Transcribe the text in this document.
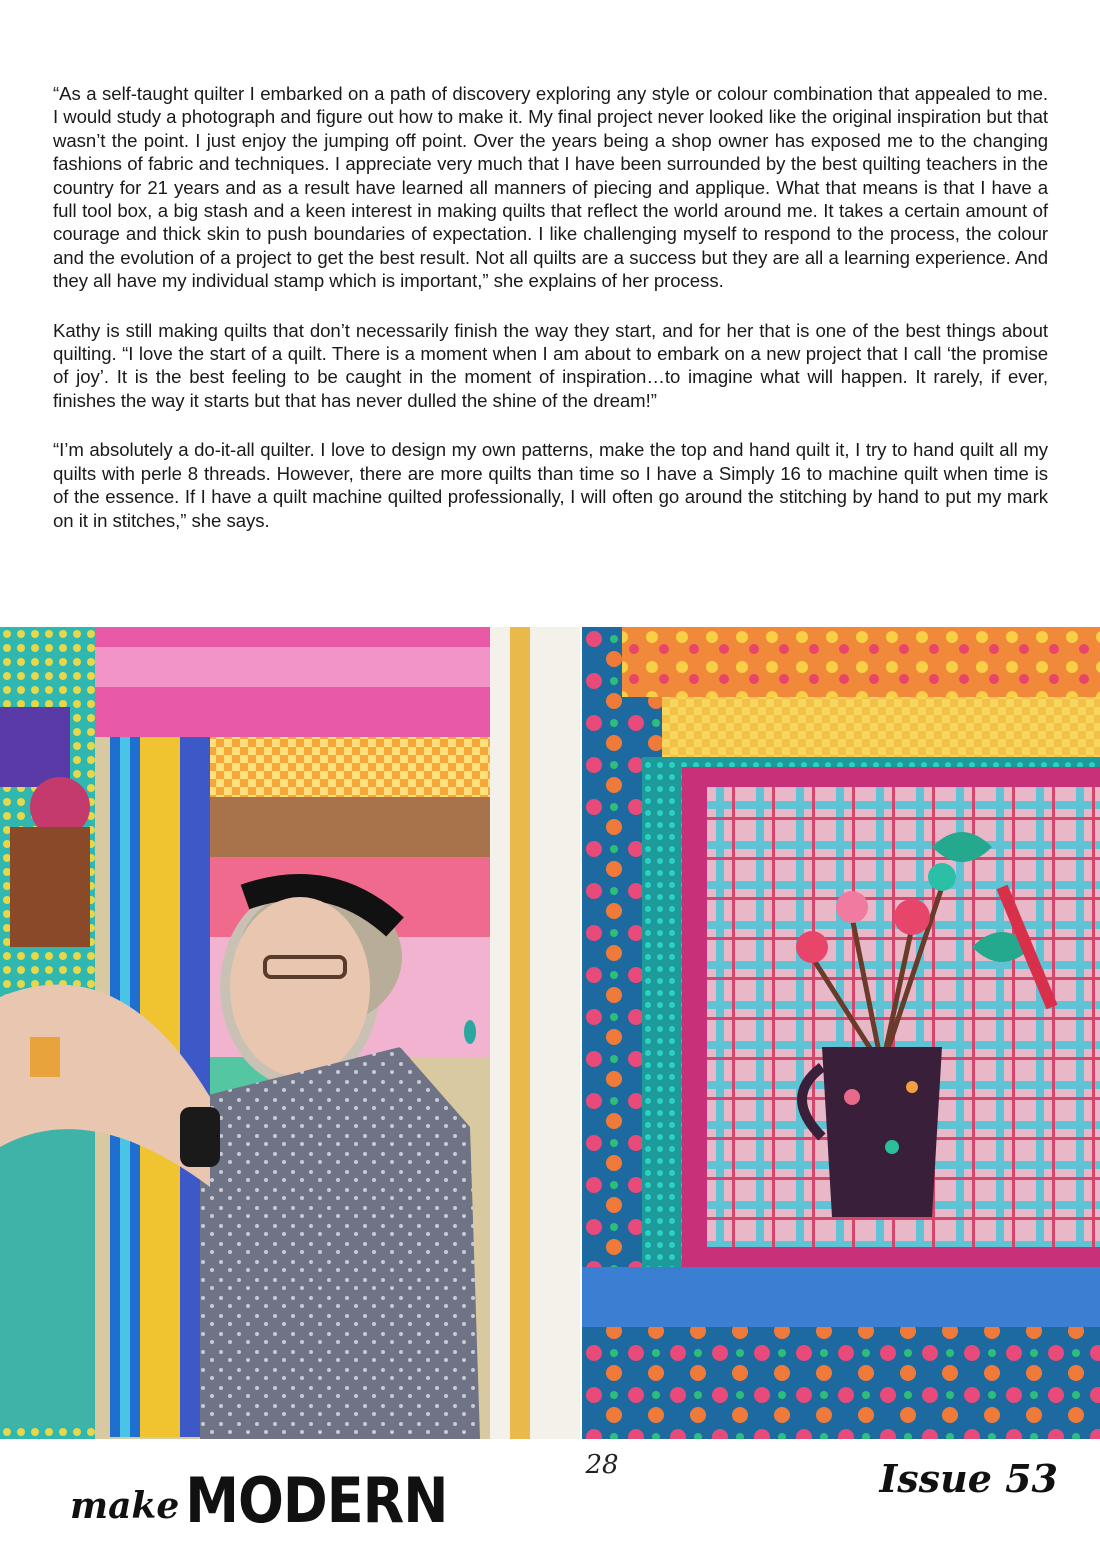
“As a self-taught quilter I embarked on a path of discovery exploring any style or colour combination that appealed to me. I would study a photograph and figure out how to make it. My final project never looked like the original inspiration but that wasn’t the point. I just enjoy the jumping off point. Over the years being a shop owner has exposed me to the changing fashions of fabric and techniques. I appreciate very much that I have been surrounded by the best quilting teachers in the country for 21 years and as a result have learned all manners of piecing and applique. What that means is that I have a full tool box, a big stash and a keen interest in making quilts that reflect the world around me. It takes a certain amount of courage and thick skin to push boundaries of expectation. I like challenging myself to respond to the process, the colour and the evolution of a project to get the best result. Not all quilts are a success but they are all a learning experience. And they all have my individual stamp which is important,” she explains of her process.

Kathy is still making quilts that don’t necessarily finish the way they start, and for her that is one of the best things about quilting. “I love the start of a quilt. There is a moment when I am about to embark on a new project that I call ‘the promise of joy’. It is the best feeling to be caught in the moment of inspiration…to imagine what will happen. It rarely, if ever, finishes the way it starts but that has never dulled the shine of the dream!”

“I’m absolutely a do-it-all quilter. I love to design my own patterns, make the top and hand quilt it, I try to hand quilt all my quilts with perle 8 threads. However, there are more quilts than time so I have a Simply 16 to machine quilt when time is of the essence. If I have a quilt machine quilted professionally, I will often go around the stitching by hand to put my mark on it in stitches,” she says.

make MODERN	28	Issue 53
